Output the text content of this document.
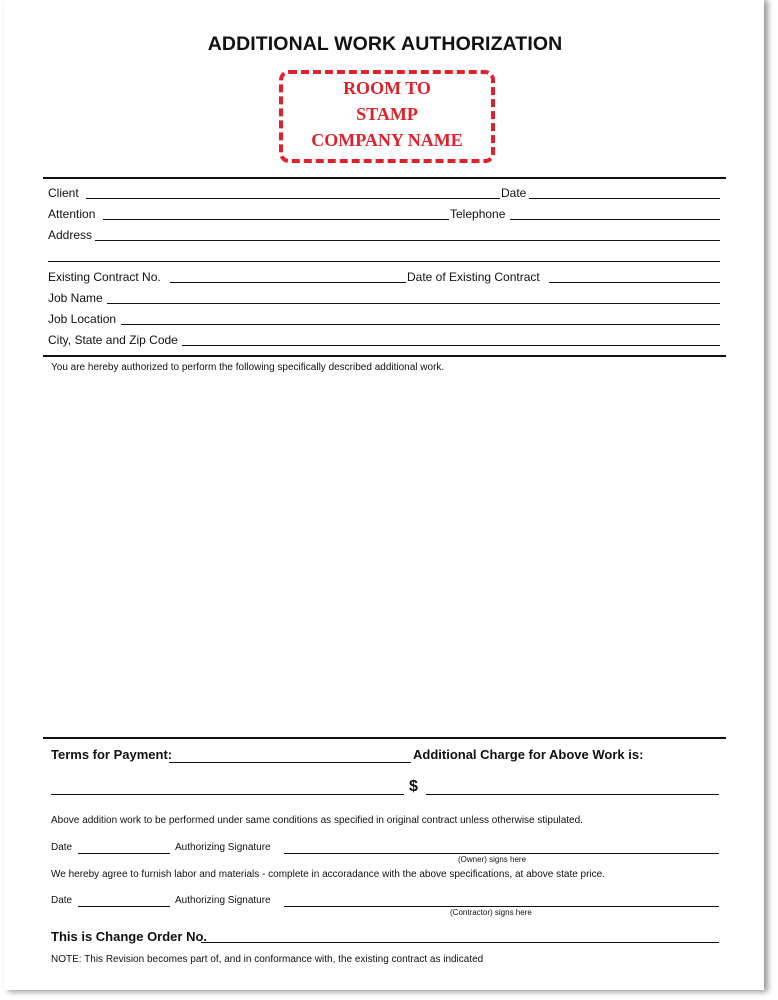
ADDITIONAL WORK AUTHORIZATION
ROOM TO
STAMP
COMPANY NAME
Client	Date
Attention	Telephone
Address
Existing Contract No.	Date of Existing Contract
Job Name
Job Location
City, State and Zip Code
You are hereby authorized to perform the following specifically described additional work.
Terms for Payment:	Additional Charge for Above Work is:
$
Above addition work to be performed under same conditions as specified in original contract unless otherwise stipulated.
Date	Authorizing Signature
(Owner) signs here
We hereby agree to furnish labor and materials - complete in accoradance with the above specifications, at above state price.
Date	Authorizing Signature
(Contractor) signs here
This is Change Order No.
NOTE: This Revision becomes part of, and in conformance with, the existing contract as indicated
